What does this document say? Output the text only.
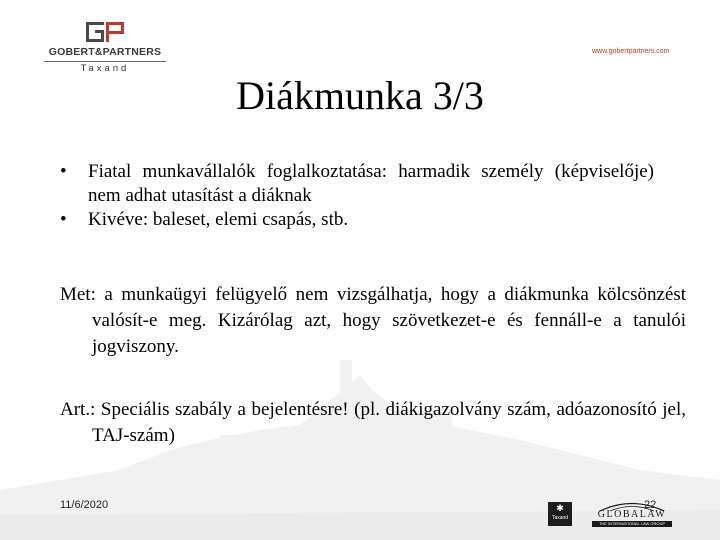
GOBERT&PARTNERS
Taxand
www.gobertpartners.com
Diákmunka 3/3
• Fiatal munkavállalók foglalkoztatása: harmadik személy (képviselője) nem adhat utasítást a diáknak
• Kivéve: baleset, elemi csapás, stb.

Met: a munkaügyi felügyelő nem vizsgálhatja, hogy a diákmunka kölcsönzést valósít-e meg. Kizárólag azt, hogy szövetkezet-e és fennáll-e a tanulói jogviszony.

Art.: Speciális szabály a bejelentésre! (pl. diákigazolvány szám, adóazonosító jel, TAJ-szám)

11/6/2020	22
✱
Taxand	GLOBALAW
THE INTERNATIONAL LAW GROUP
